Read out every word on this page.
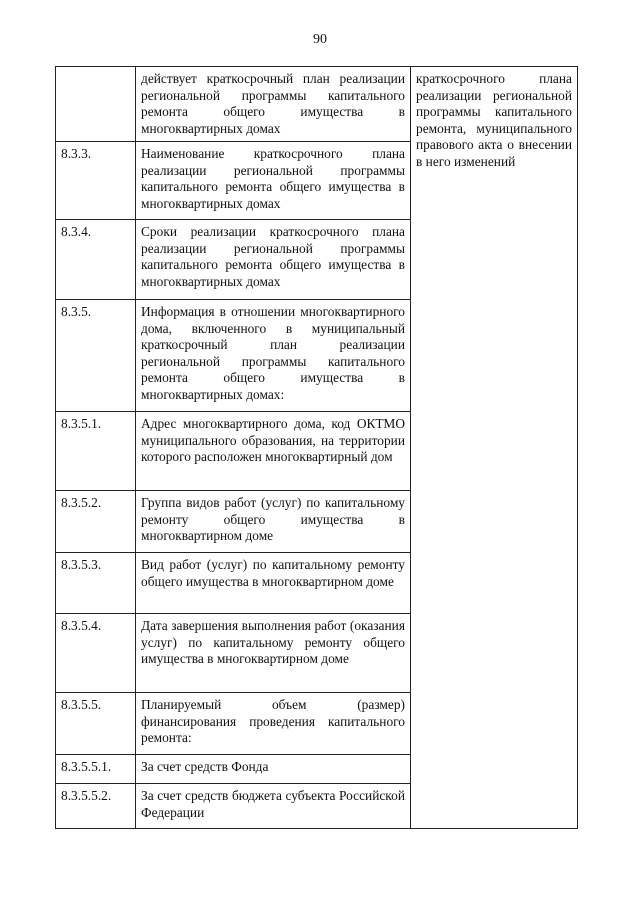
90
	действует краткосрочный план реализации региональной программы капитального ремонта общего имущества в многоквартирных домах	краткосрочного плана реализации региональной программы капитального ремонта, муниципального правового акта о внесении в него изменений
8.3.3.	Наименование краткосрочного плана реализации региональной программы капитального ремонта общего имущества в многоквартирных домах	
8.3.4.	Сроки реализации краткосрочного плана реализации региональной программы капитального ремонта общего имущества в многоквартирных домах	
8.3.5.	Информация в отношении многоквартирного дома, включенного в муниципальный краткосрочный план реализации региональной программы капитального ремонта общего имущества в многоквартирных домах:	
8.3.5.1.	Адрес многоквартирного дома, код ОКТМО муниципального образования, на территории которого расположен многоквартирный дом	
8.3.5.2.	Группа видов работ (услуг) по капитальному ремонту общего имущества в многоквартирном доме	
8.3.5.3.	Вид работ (услуг) по капитальному ремонту общего имущества в многоквартирном доме	
8.3.5.4.	Дата завершения выполнения работ (оказания услуг) по капитальному ремонту общего имущества в многоквартирном доме	
8.3.5.5.	Планируемый объем (размер) финансирования проведения капитального ремонта:	
8.3.5.5.1.	За счет средств Фонда	
8.3.5.5.2.	За счет средств бюджета субъекта Российской Федерации	
